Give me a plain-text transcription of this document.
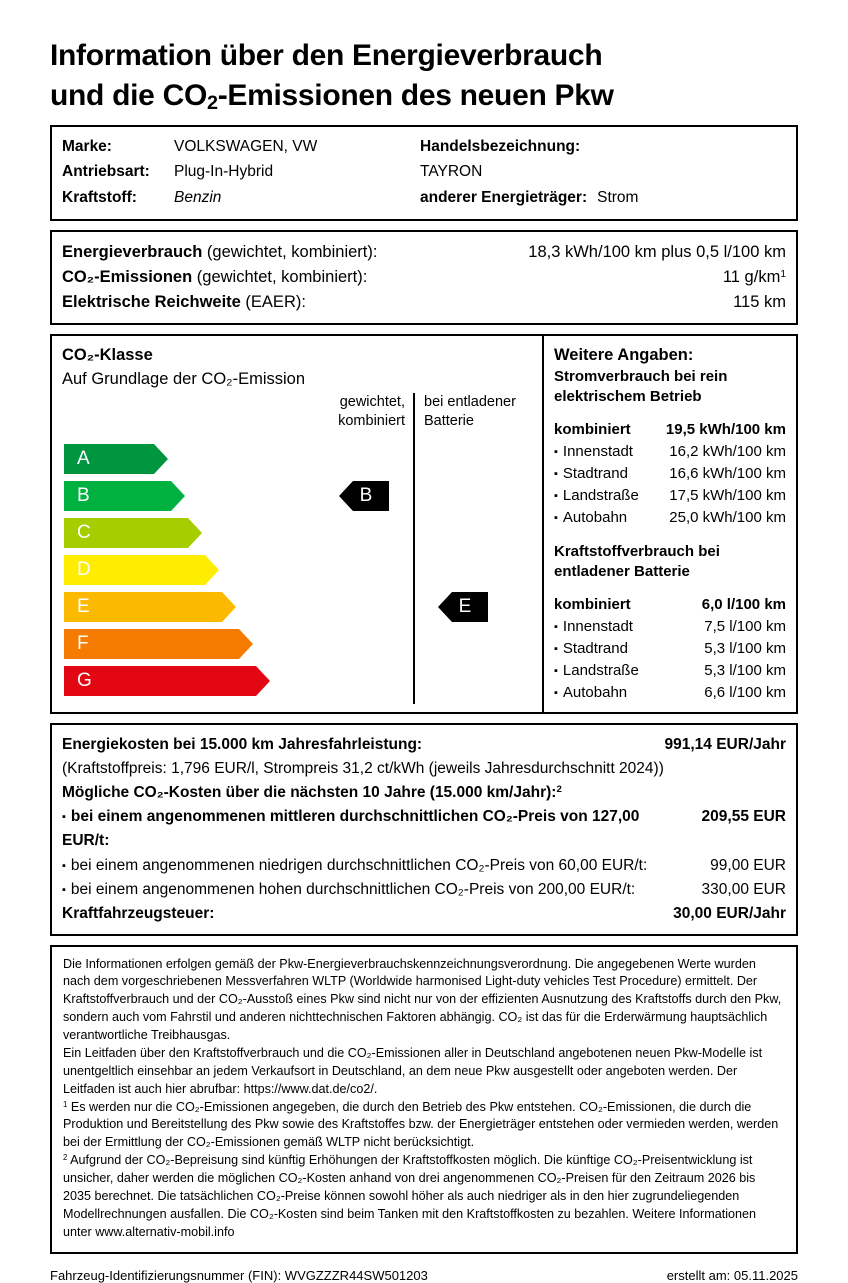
Information über den Energieverbrauch
und die $CO_2$-Emissionen des neuen Pkw
Marke:	VOLKSWAGEN, VW	Handelsbezeichnung:
Antriebsart:	Plug-In-Hybrid	TAYRON
Kraftstoff:	Benzin	anderer Energieträger: Strom
Energieverbrauch (gewichtet, kombiniert):	18,3 kWh/100 km plus 0,5 l/100 km
CO₂-Emissionen (gewichtet, kombiniert):	11 $g/km^1$
Elektrische Reichweite (EAER):	115 km
CO₂-Klasse
Auf Grundlage der CO₂-Emission
gewichtet,
kombiniert
bei entladener
Batterie
A
B	B
C
D
E	E
F
G
Weitere Angaben:
Stromverbrauch bei rein
elektrischem Betrieb
kombiniert 19,5 kWh/100 km
▪ Innenstadt 16,2 kWh/100 km
▪ Stadtrand	16,6 kWh/100 km
▪ Landstraße 17,5 kWh/100 km
▪ Autobahn	25,0 kWh/100 km
Kraftstoffverbrauch bei
entladener Batterie
kombiniert	6,0 l/100 km
▪ Innenstadt	7,5 l/100 km
▪ Stadtrand	5,3 l/100 km
▪ Landstraße	5,3 l/100 km
▪ Autobahn	6,6 l/100 km
Energiekosten bei 15.000 km Jahresfahrleistung:	991,14 EUR/Jahr
(Kraftstoffpreis: 1,796 EUR/l, Strompreis 31,2 ct/kWh (jeweils Jahresdurchschnitt 2024))
Mögliche CO₂-Kosten über die nächsten 10 Jahre (15.000 km/Jahr):$^2$
▪ bei einem angenommenen mittleren durchschnittlichen CO₂-Preis von 127,00 EUR/t:
209,55 EUR
▪ bei einem angenommenen niedrigen durchschnittlichen CO₂-Preis von 60,00 EUR/t:	99,00 EUR
▪ bei einem angenommenen hohen durchschnittlichen CO₂-Preis von 200,00 EUR/t:	330,00 EUR
Kraftfahrzeugsteuer:	30,00 EUR/Jahr
Die Informationen erfolgen gemäß der Pkw-Energieverbrauchskennzeichnungsverordnung. Die angegebenen Werte wurden nach dem vorgeschriebenen Messverfahren WLTP (Worldwide harmonised Light-duty vehicles Test Procedure) ermittelt. Der Kraftstoffverbrauch und der CO₂-Ausstoß eines Pkw sind nicht nur von der effizienten Ausnutzung des Kraftstoffs durch den Pkw, sondern auch vom Fahrstil und anderen nichttechnischen Faktoren abhängig. CO₂ ist das für die Erderwärmung hauptsächlich verantwortliche Treibhausgas.
Ein Leitfaden über den Kraftstoffverbrauch und die CO₂-Emissionen aller in Deutschland angebotenen neuen Pkw-Modelle ist unentgeltlich einsehbar an jedem Verkaufsort in Deutschland, an dem neue Pkw ausgestellt oder angeboten werden. Der Leitfaden ist auch hier abrufbar: https://www.dat.de/co2/.
$^1$ Es werden nur die CO₂-Emissionen angegeben, die durch den Betrieb des Pkw entstehen. CO₂-Emissionen, die durch die Produktion und Bereitstellung des Pkw sowie des Kraftstoffes bzw. der Energieträger entstehen oder vermieden werden, werden bei der Ermittlung der CO₂-Emissionen gemäß WLTP nicht berücksichtigt.
$^2$ Aufgrund der CO₂-Bepreisung sind künftig Erhöhungen der Kraftstoffkosten möglich. Die künftige CO₂-Preisentwicklung ist unsicher, daher werden die möglichen CO₂-Kosten anhand von drei angenommenen CO₂-Preisen für den Zeitraum 2026 bis 2035 berechnet. Die tatsächlichen CO₂-Preise können sowohl höher als auch niedriger als in den hier zugrundeliegenden Modellrechnungen ausfallen. Die CO₂-Kosten sind beim Tanken mit den Kraftstoffkosten zu bezahlen. Weitere Informationen unter www.alternativ-mobil.info
Fahrzeug-Identifizierungsnummer (FIN): WVGZZZR44SW501203	erstellt am: 05.11.2025
